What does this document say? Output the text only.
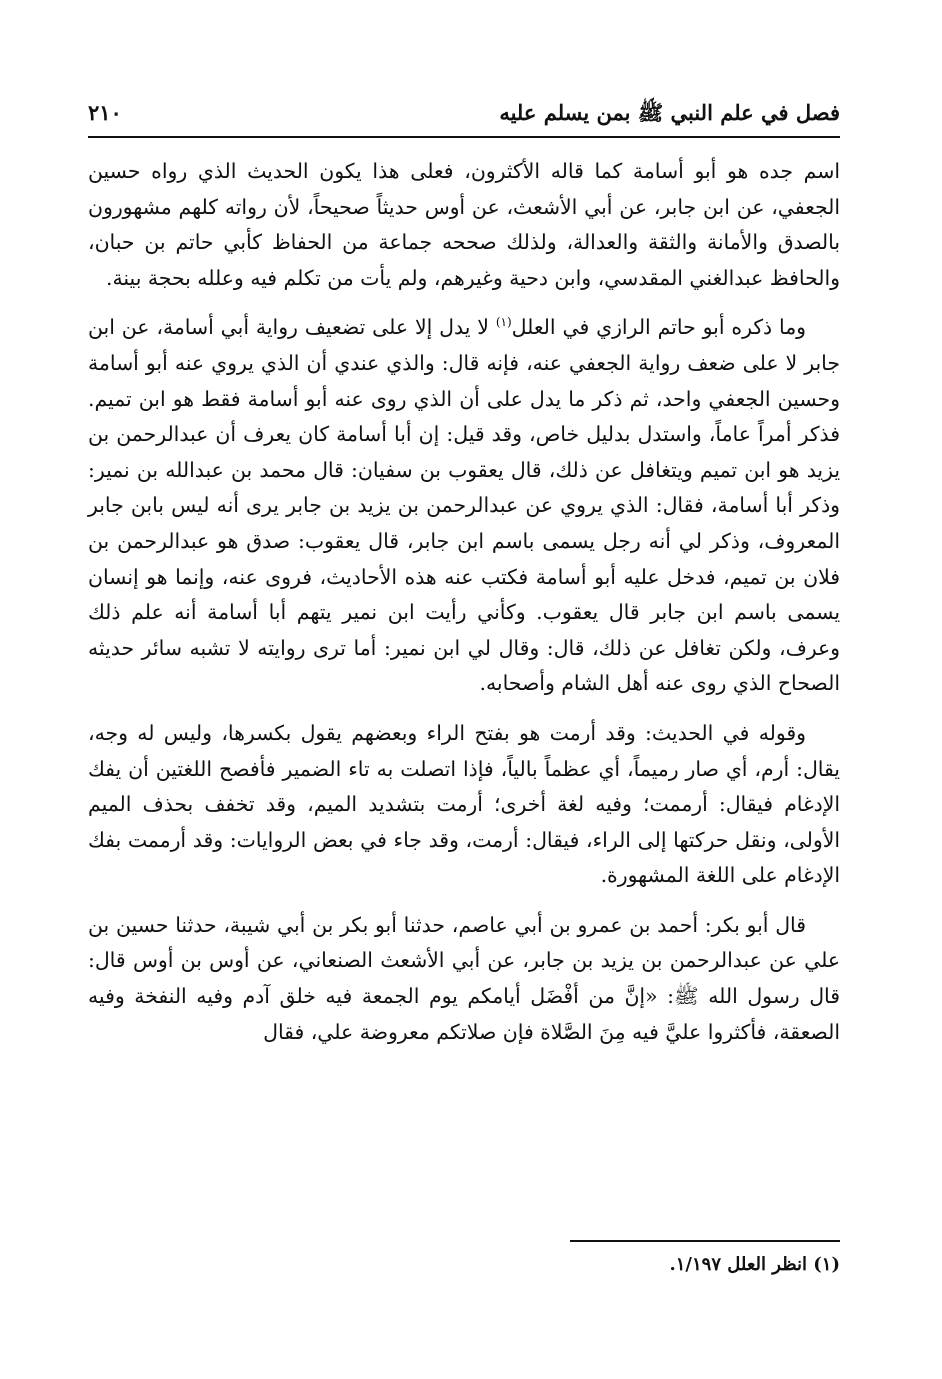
فصل في علم النبي ﷺ بمن يسلم عليه
٢١٠

اسم جده هو أبو أسامة كما قاله الأكثرون، فعلى هذا يكون الحديث الذي رواه حسين الجعفي، عن ابن جابر، عن أبي الأشعث، عن أوس حديثاً صحيحاً، لأن رواته كلهم مشهورون بالصدق والأمانة والثقة والعدالة، ولذلك صححه جماعة من الحفاظ كأبي حاتم بن حبان، والحافظ عبدالغني المقدسي، وابن دحية وغيرهم، ولم يأت من تكلم فيه وعلله بحجة بينة.

وما ذكره أبو حاتم الرازي في العلل$^{(١)}$ لا يدل إلا على تضعيف رواية أبي أسامة، عن ابن جابر لا على ضعف رواية الجعفي عنه، فإنه قال: والذي عندي أن الذي يروي عنه أبو أسامة وحسين الجعفي واحد، ثم ذكر ما يدل على أن الذي روى عنه أبو أسامة فقط هو ابن تميم. فذكر أمراً عاماً، واستدل بدليل خاص، وقد قيل: إن أبا أسامة كان يعرف أن عبدالرحمن بن يزيد هو ابن تميم ويتغافل عن ذلك، قال يعقوب بن سفيان: قال محمد بن عبدالله بن نمير: وذكر أبا أسامة، فقال: الذي يروي عن عبدالرحمن بن يزيد بن جابر يرى أنه ليس بابن جابر المعروف، وذكر لي أنه رجل يسمى باسم ابن جابر، قال يعقوب: صدق هو عبدالرحمن بن فلان بن تميم، فدخل عليه أبو أسامة فكتب عنه هذه الأحاديث، فروى عنه، وإنما هو إنسان يسمى باسم ابن جابر قال يعقوب. وكأني رأيت ابن نمير يتهم أبا أسامة أنه علم ذلك وعرف، ولكن تغافل عن ذلك، قال: وقال لي ابن نمير: أما ترى روايته لا تشبه سائر حديثه الصحاح الذي روى عنه أهل الشام وأصحابه.

وقوله في الحديث: وقد أرمت هو بفتح الراء وبعضهم يقول بكسرها، وليس له وجه، يقال: أرم، أي صار رميماً، أي عظماً بالياً، فإذا اتصلت به تاء الضمير فأفصح اللغتين أن يفك الإدغام فيقال: أرممت؛ وفيه لغة أخرى؛ أرمت بتشديد الميم، وقد تخفف بحذف الميم الأولى، ونقل حركتها إلى الراء، فيقال: أرمت، وقد جاء في بعض الروايات: وقد أرممت بفك الإدغام على اللغة المشهورة.

قال أبو بكر: أحمد بن عمرو بن أبي عاصم، حدثنا أبو بكر بن أبي شيبة، حدثنا حسين بن علي عن عبدالرحمن بن يزيد بن جابر، عن أبي الأشعث الصنعاني، عن أوس بن أوس قال: قال رسول الله ﷺ: «إنَّ من أفْضَل أيامكم يوم الجمعة فيه خلق آدم وفيه النفخة وفيه الصعقة، فأكثروا عليَّ فيه مِنَ الصَّلاة فإن صلاتكم معروضة علي، فقال

(١) انظر العلل ١/١٩٧.
